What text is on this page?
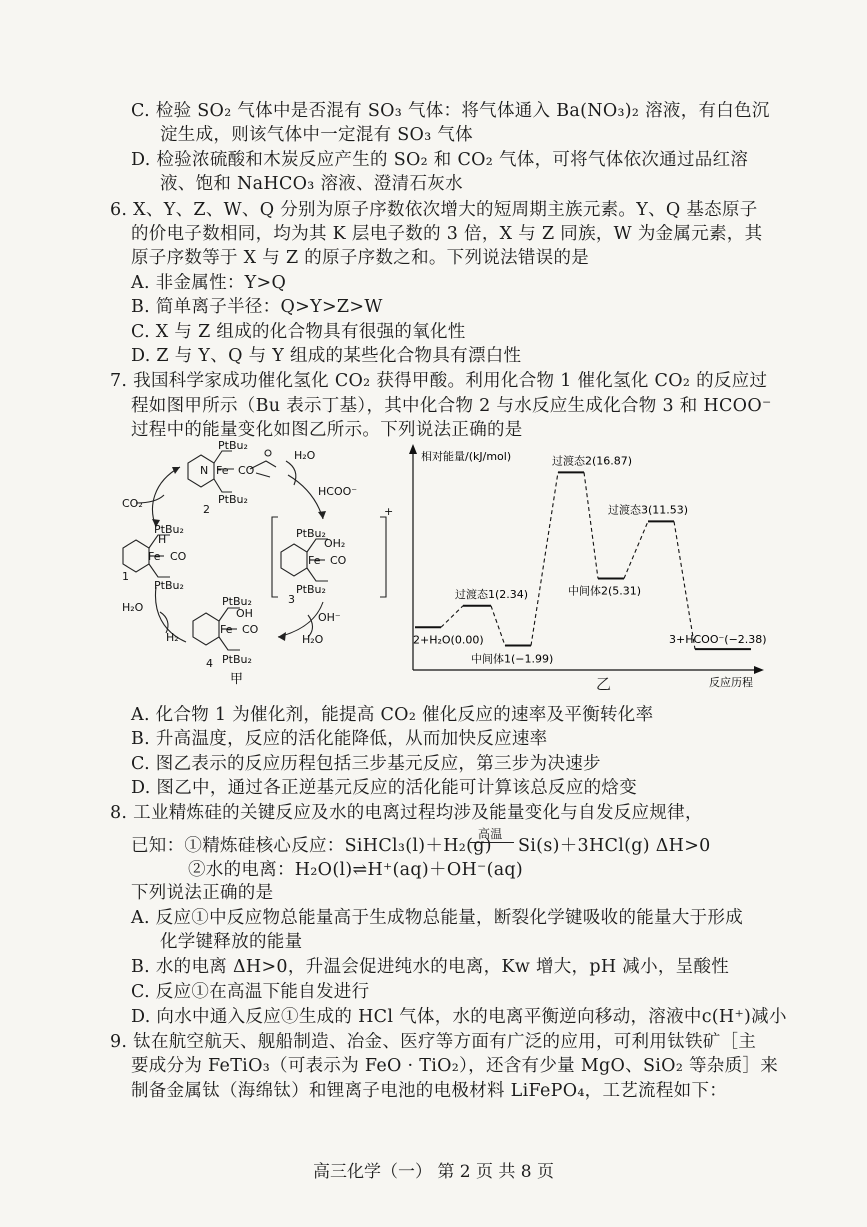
C. 检验 SO₂ 气体中是否混有 SO₃ 气体：将气体通入 Ba(NO₃)₂ 溶液，有白色沉
淀生成，则该气体中一定混有 SO₃ 气体
D. 检验浓硫酸和木炭反应产生的 SO₂ 和 CO₂ 气体，可将气体依次通过品红溶
液、饱和 NaHCO₃ 溶液、澄清石灰水
6. X、Y、Z、W、Q 分别为原子序数依次增大的短周期主族元素。Y、Q 基态原子
的价电子数相同，均为其 K 层电子数的 3 倍，X 与 Z 同族，W 为金属元素，其
原子序数等于 X 与 Z 的原子序数之和。下列说法错误的是
A. 非金属性：Y>Q
B. 简单离子半径：Q>Y>Z>W
C. X 与 Z 组成的化合物具有很强的氧化性
D. Z 与 Y、Q 与 Y 组成的某些化合物具有漂白性
7. 我国科学家成功催化氢化 CO₂ 获得甲酸。利用化合物 1 催化氢化 CO₂ 的反应过
程如图甲所示（Bu 表示丁基），其中化合物 2 与水反应生成化合物 3 和 HCOO⁻
过程中的能量变化如图乙所示。下列说法正确的是
PtBu₂
PtBu₂
Fe CO
N
2
PtBu₂
PtBu₂
Fe CO
H
1
PtBu₂
PtBu₂
Fe CO
OH₂
3
+
PtBu₂
PtBu₂
Fe CO
OH
4
CO₂
H₂O
HCOO⁻
H₂O
H₂
OH⁻
H₂O
甲
相对能量/(kJ/mol)
反应历程
2+H₂O(0.00)
过渡态1(2.34)
中间体1(−1.99)
过渡态2(16.87)
中间体2(5.31)
过渡态3(11.53)
3+HCOO⁻(−2.38)
乙
A. 化合物 1 为催化剂，能提高 CO₂ 催化反应的速率及平衡转化率
B. 升高温度，反应的活化能降低，从而加快反应速率
C. 图乙表示的反应历程包括三步基元反应，第三步为决速步
D. 图乙中，通过各正逆基元反应的活化能可计算该总反应的焓变
8. 工业精炼硅的关键反应及水的电离过程均涉及能量变化与自发反应规律，
已知：①精炼硅核心反应：SiHCl₃(l)＋H₂(g)
高温
Si(s)＋3HCl(g) ΔH>0
②水的电离：H₂O(l)⇌H⁺(aq)＋OH⁻(aq)
下列说法正确的是
A. 反应①中反应物总能量高于生成物总能量，断裂化学键吸收的能量大于形成
化学键释放的能量
B. 水的电离 ΔH>0，升温会促进纯水的电离，Kw 增大，pH 减小，呈酸性
C. 反应①在高温下能自发进行
D. 向水中通入反应①生成的 HCl 气体，水的电离平衡逆向移动，溶液中c(H⁺)减小
9. 钛在航空航天、舰船制造、冶金、医疗等方面有广泛的应用，可利用钛铁矿［主
要成分为 FeTiO₃（可表示为 FeO · TiO₂），还含有少量 MgO、SiO₂ 等杂质］来
制备金属钛（海绵钛）和锂离子电池的电极材料 LiFePO₄，工艺流程如下：
高三化学（一） 第 2 页 共 8 页
